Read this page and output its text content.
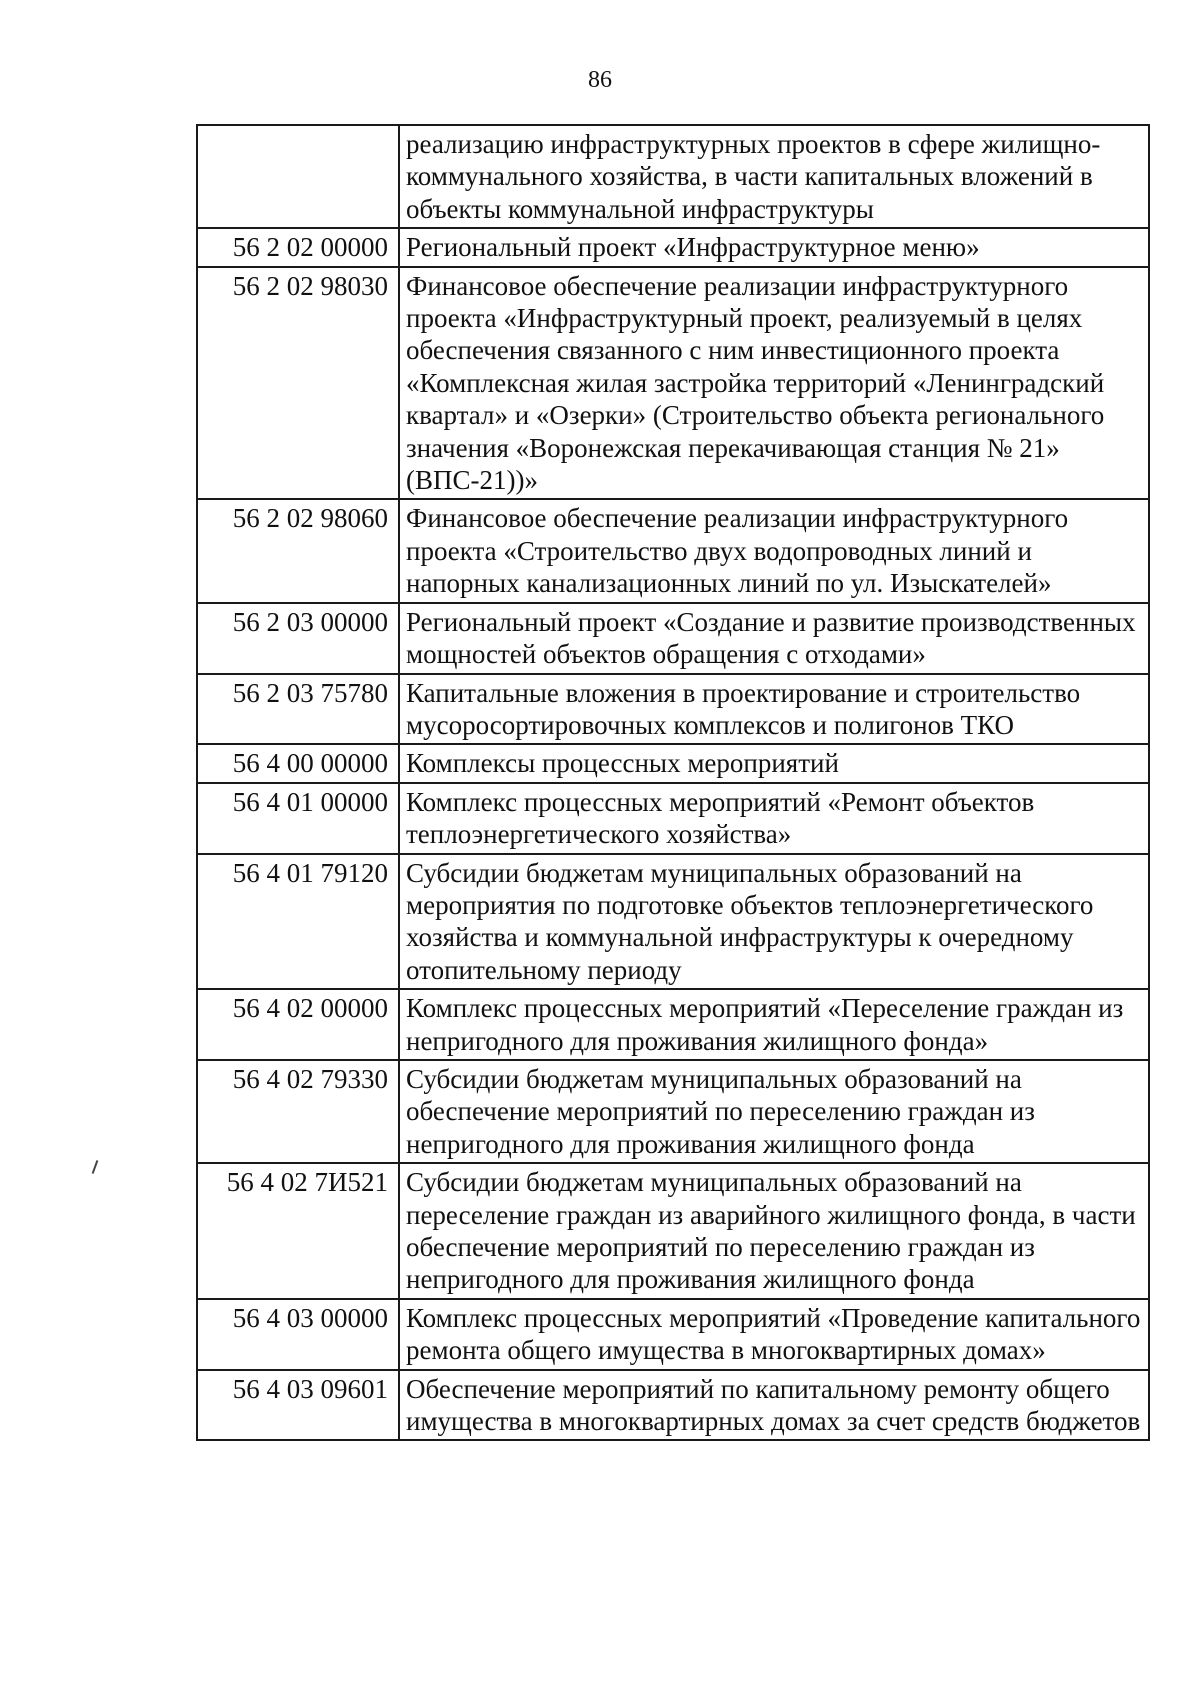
86
	реализацию инфраструктурных проектов в сфере жилищно-коммунального хозяйства, в части капитальных вложений в объекты коммунальной инфраструктуры
56 2 02 00000	Региональный проект «Инфраструктурное меню»
56 2 02 98030	Финансовое обеспечение реализации инфраструктурного проекта «Инфраструктурный проект, реализуемый в целях обеспечения связанного с ним инвестиционного проекта «Комплексная жилая застройка территорий «Ленинградский квартал» и «Озерки» (Строительство объекта регионального значения «Воронежская перекачивающая станция № 21» (ВПС-21))»
56 2 02 98060	Финансовое обеспечение реализации инфраструктурного проекта «Строительство двух водопроводных линий и напорных канализационных линий по ул. Изыскателей»
56 2 03 00000	Региональный проект «Создание и развитие производственных мощностей объектов обращения с отходами»
56 2 03 75780	Капитальные вложения в проектирование и строительство мусоросортировочных комплексов и полигонов ТКО
56 4 00 00000	Комплексы процессных мероприятий
56 4 01 00000	Комплекс процессных мероприятий «Ремонт объектов теплоэнергетического хозяйства»
56 4 01 79120	Субсидии бюджетам муниципальных образований на мероприятия по подготовке объектов теплоэнергетического хозяйства и коммунальной инфраструктуры к очередному отопительному периоду
56 4 02 00000	Комплекс процессных мероприятий «Переселение граждан из непригодного для проживания жилищного фонда»
56 4 02 79330	Субсидии бюджетам муниципальных образований на обеспечение мероприятий по переселению граждан из непригодного для проживания жилищного фонда
56 4 02 7И521	Субсидии бюджетам муниципальных образований на переселение граждан из аварийного жилищного фонда, в части обеспечение мероприятий по переселению граждан из непригодного для проживания жилищного фонда
56 4 03 00000	Комплекс процессных мероприятий «Проведение капитального ремонта общего имущества в многоквартирных домах»
56 4 03 09601	Обеспечение мероприятий по капитальному ремонту общего имущества в многоквартирных домах за счет средств бюджетов
